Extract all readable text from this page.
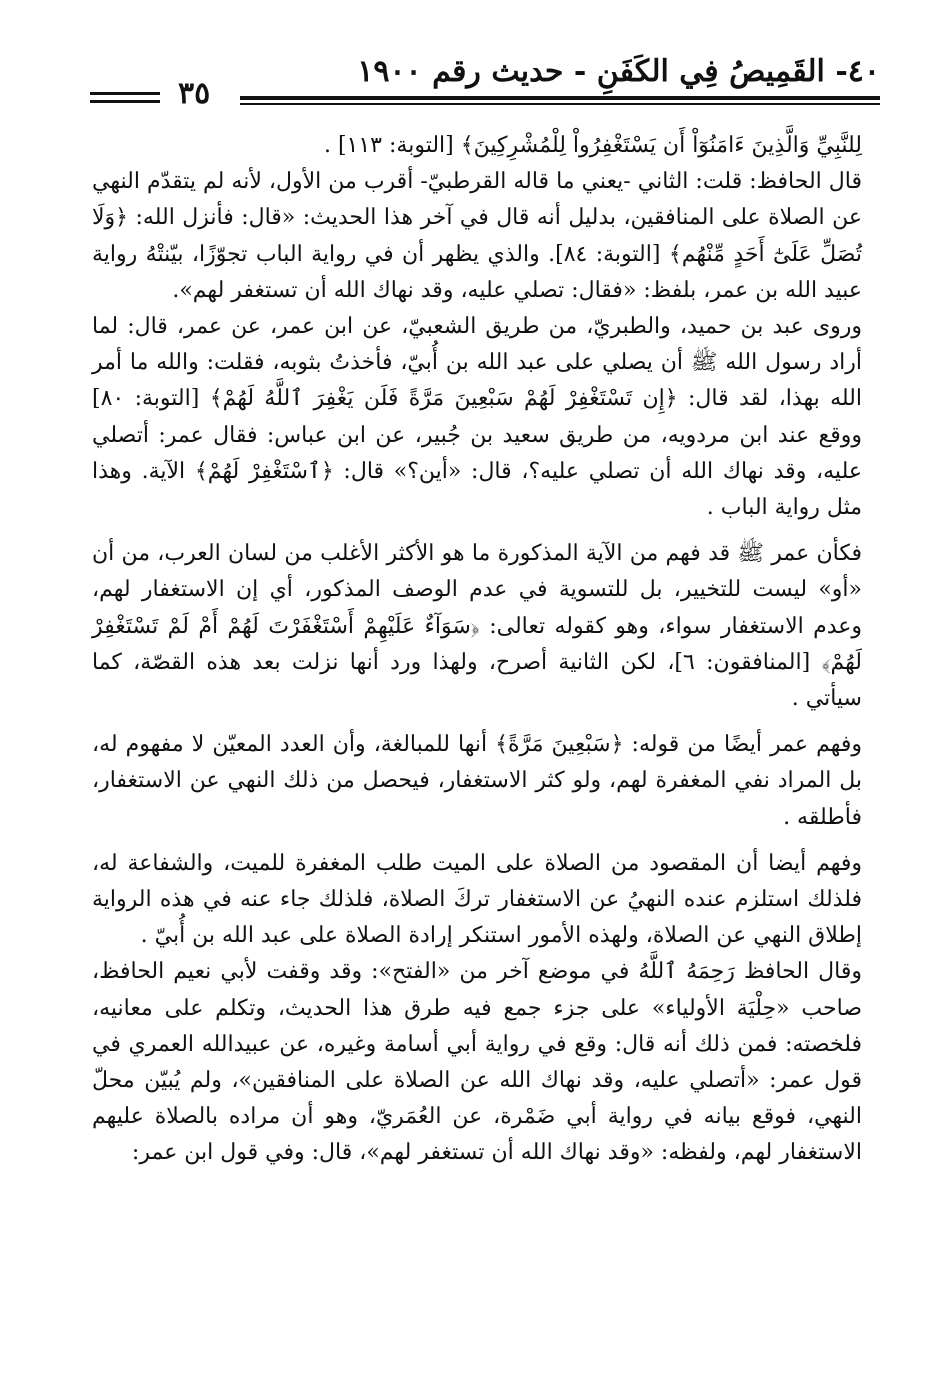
٤٠- القَمِيصُ فِي الكَفَنِ - حديث رقم ١٩٠٠
٣٥

لِلنَّبِيِّ وَالَّذِينَ ءَامَنُوٓاْ أَن يَسْتَغْفِرُواْ لِلْمُشْرِكِينَ﴾ [التوبة: ١١٣] .

قال الحافظ: قلت: الثاني -يعني ما قاله القرطبيّ- أقرب من الأول، لأنه لم يتقدّم النهي عن الصلاة على المنافقين، بدليل أنه قال في آخر هذا الحديث: «قال: فأنزل الله: ﴿وَلَا تُصَلِّ عَلَىٰٓ أَحَدٍ مِّنْهُم﴾ [التوبة: ٨٤]. والذي يظهر أن في رواية الباب تجوّزًا، بيّنتْهُ رواية عبيد الله بن عمر، بلفظ: «فقال: تصلي عليه، وقد نهاك الله أن تستغفر لهم».

وروى عبد بن حميد، والطبريّ، من طريق الشعبيّ، عن ابن عمر، عن عمر، قال: لما أراد رسول الله ﷺ أن يصلي على عبد الله بن أُبيّ، فأخذتُ بثوبه، فقلت: والله ما أمر الله بهذا، لقد قال: ﴿إِن تَسْتَغْفِرْ لَهُمْ سَبْعِينَ مَرَّةً فَلَن يَغْفِرَ ٱللَّهُ لَهُمْ﴾ [التوبة: ٨٠] ووقع عند ابن مردويه، من طريق سعيد بن جُبير، عن ابن عباس: فقال عمر: أتصلي عليه، وقد نهاك الله أن تصلي عليه؟، قال: «أين؟» قال: ﴿ٱسْتَغْفِرْ لَهُمْ﴾ الآية. وهذا مثل رواية الباب .

فكأن عمر ﷺ قد فهم من الآية المذكورة ما هو الأكثر الأغلب من لسان العرب، من أن «أو» ليست للتخيير، بل للتسوية في عدم الوصف المذكور، أي إن الاستغفار لهم، وعدم الاستغفار سواء، وهو كقوله تعالى: ﴿سَوَآءٌ عَلَيْهِمْ أَسْتَغْفَرْتَ لَهُمْ أَمْ لَمْ تَسْتَغْفِرْ لَهُمْ﴾ [المنافقون: ٦]، لكن الثانية أصرح، ولهذا ورد أنها نزلت بعد هذه القصّة، كما سيأتي .

وفهم عمر أيضًا من قوله: ﴿سَبْعِينَ مَرَّةً﴾ أنها للمبالغة، وأن العدد المعيّن لا مفهوم له، بل المراد نفي المغفرة لهم، ولو كثر الاستغفار، فيحصل من ذلك النهي عن الاستغفار، فأطلقه .

وفهم أيضا أن المقصود من الصلاة على الميت طلب المغفرة للميت، والشفاعة له، فلذلك استلزم عنده النهيُ عن الاستغفار تركَ الصلاة، فلذلك جاء عنه في هذه الرواية إطلاق النهي عن الصلاة، ولهذه الأمور استنكر إرادة الصلاة على عبد الله بن أُبيّ .

وقال الحافظ رَحِمَهُ ٱللَّهُ في موضع آخر من «الفتح»: وقد وقفت لأبي نعيم الحافظ، صاحب «حِلْيَة الأولياء» على جزء جمع فيه طرق هذا الحديث، وتكلم على معانيه، فلخصته: فمن ذلك أنه قال: وقع في رواية أبي أسامة وغيره، عن عبيدالله العمري في قول عمر: «أتصلي عليه، وقد نهاك الله عن الصلاة على المنافقين»، ولم يُبيّن محلّ النهي، فوقع بيانه في رواية أبي ضَمْرة، عن العُمَريّ، وهو أن مراده بالصلاة عليهم الاستغفار لهم، ولفظه: «وقد نهاك الله أن تستغفر لهم»، قال: وفي قول ابن عمر:
